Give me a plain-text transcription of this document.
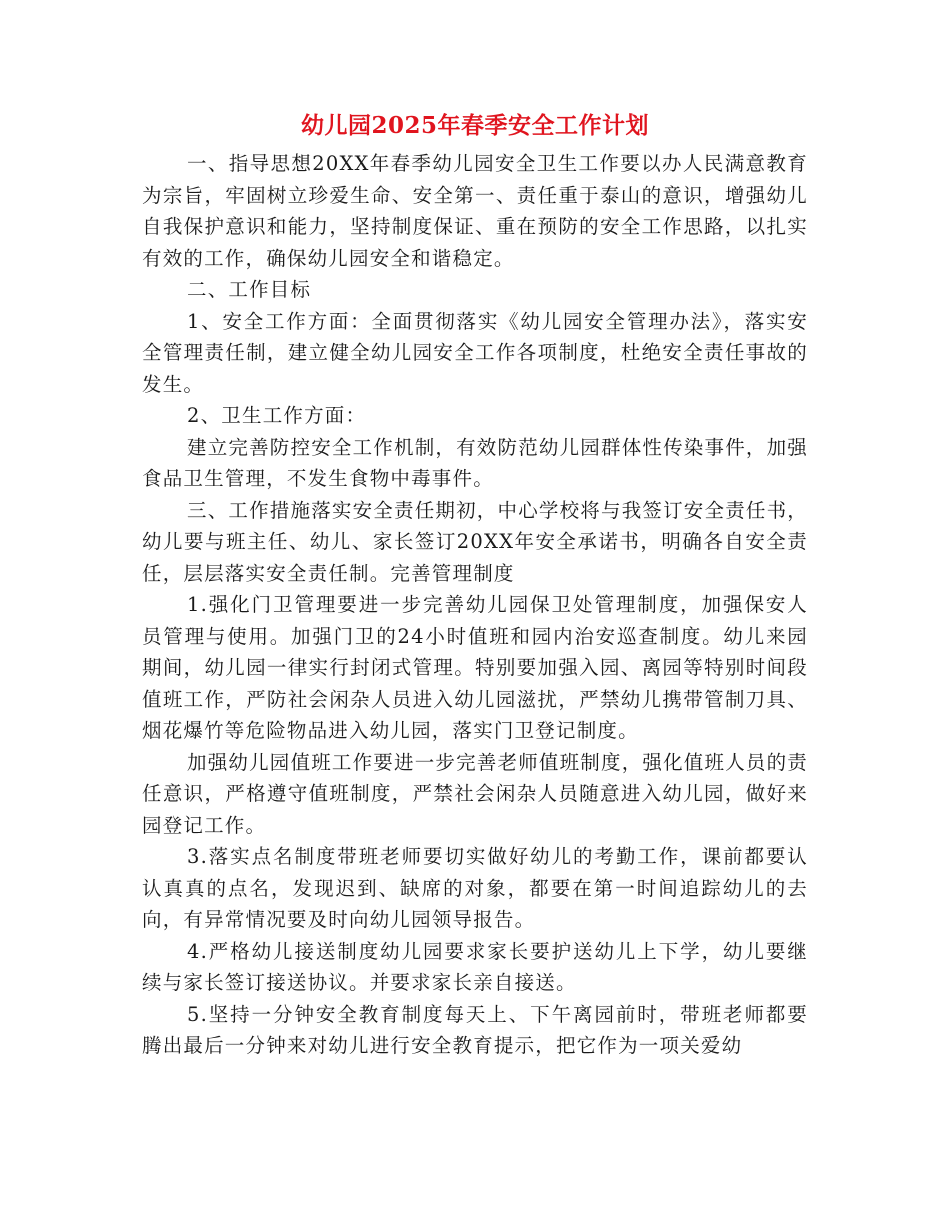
幼儿园2025年春季安全工作计划

一、指导思想20XX年春季幼儿园安全卫生工作要以办人民满意教育为宗旨，牢固树立珍爱生命、安全第一、责任重于泰山的意识，增强幼儿自我保护意识和能力，坚持制度保证、重在预防的安全工作思路，以扎实有效的工作，确保幼儿园安全和谐稳定。

二、工作目标

1、安全工作方面：全面贯彻落实《幼儿园安全管理办法》，落实安全管理责任制，建立健全幼儿园安全工作各项制度，杜绝安全责任事故的发生。

2、卫生工作方面：

建立完善防控安全工作机制，有效防范幼儿园群体性传染事件，加强食品卫生管理，不发生食物中毒事件。

三、工作措施落实安全责任期初，中心学校将与我签订安全责任书，幼儿要与班主任、幼儿、家长签订20XX年安全承诺书，明确各自安全责任，层层落实安全责任制。完善管理制度

1.强化门卫管理要进一步完善幼儿园保卫处管理制度，加强保安人员管理与使用。加强门卫的24小时值班和园内治安巡查制度。幼儿来园期间，幼儿园一律实行封闭式管理。特别要加强入园、离园等特别时间段值班工作，严防社会闲杂人员进入幼儿园滋扰，严禁幼儿携带管制刀具、烟花爆竹等危险物品进入幼儿园，落实门卫登记制度。

加强幼儿园值班工作要进一步完善老师值班制度，强化值班人员的责任意识，严格遵守值班制度，严禁社会闲杂人员随意进入幼儿园，做好来园登记工作。

3.落实点名制度带班老师要切实做好幼儿的考勤工作，课前都要认认真真的点名，发现迟到、缺席的对象，都要在第一时间追踪幼儿的去向，有异常情况要及时向幼儿园领导报告。

4.严格幼儿接送制度幼儿园要求家长要护送幼儿上下学，幼儿要继续与家长签订接送协议。并要求家长亲自接送。

5.坚持一分钟安全教育制度每天上、下午离园前时，带班老师都要腾出最后一分钟来对幼儿进行安全教育提示，把它作为一项关爱幼
